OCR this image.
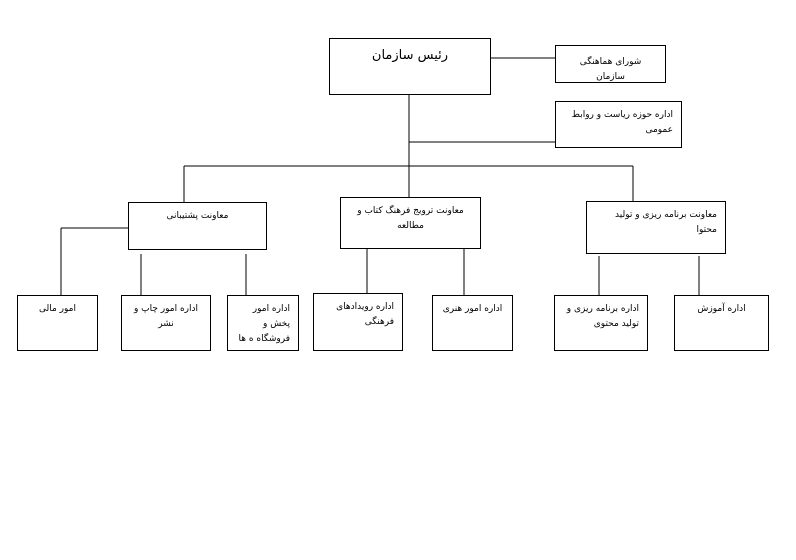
رئیس سازمان	شورای هماهنگی سازمان
اداره حوزه ریاست و روابط عمومی
معاونت پشتیبانی	معاونت ترویج فرهنگ کتاب و مطالعه
معاونت برنامه ریزی و تولید محتوا
امور مالی	اداره امور چاپ و نشر
اداره امور پخش و فروشگاه ه ها
اداره رویدادهای فرهنگی
اداره امور هنری	اداره برنامه ریزی و تولید محتوی
اداره آموزش
